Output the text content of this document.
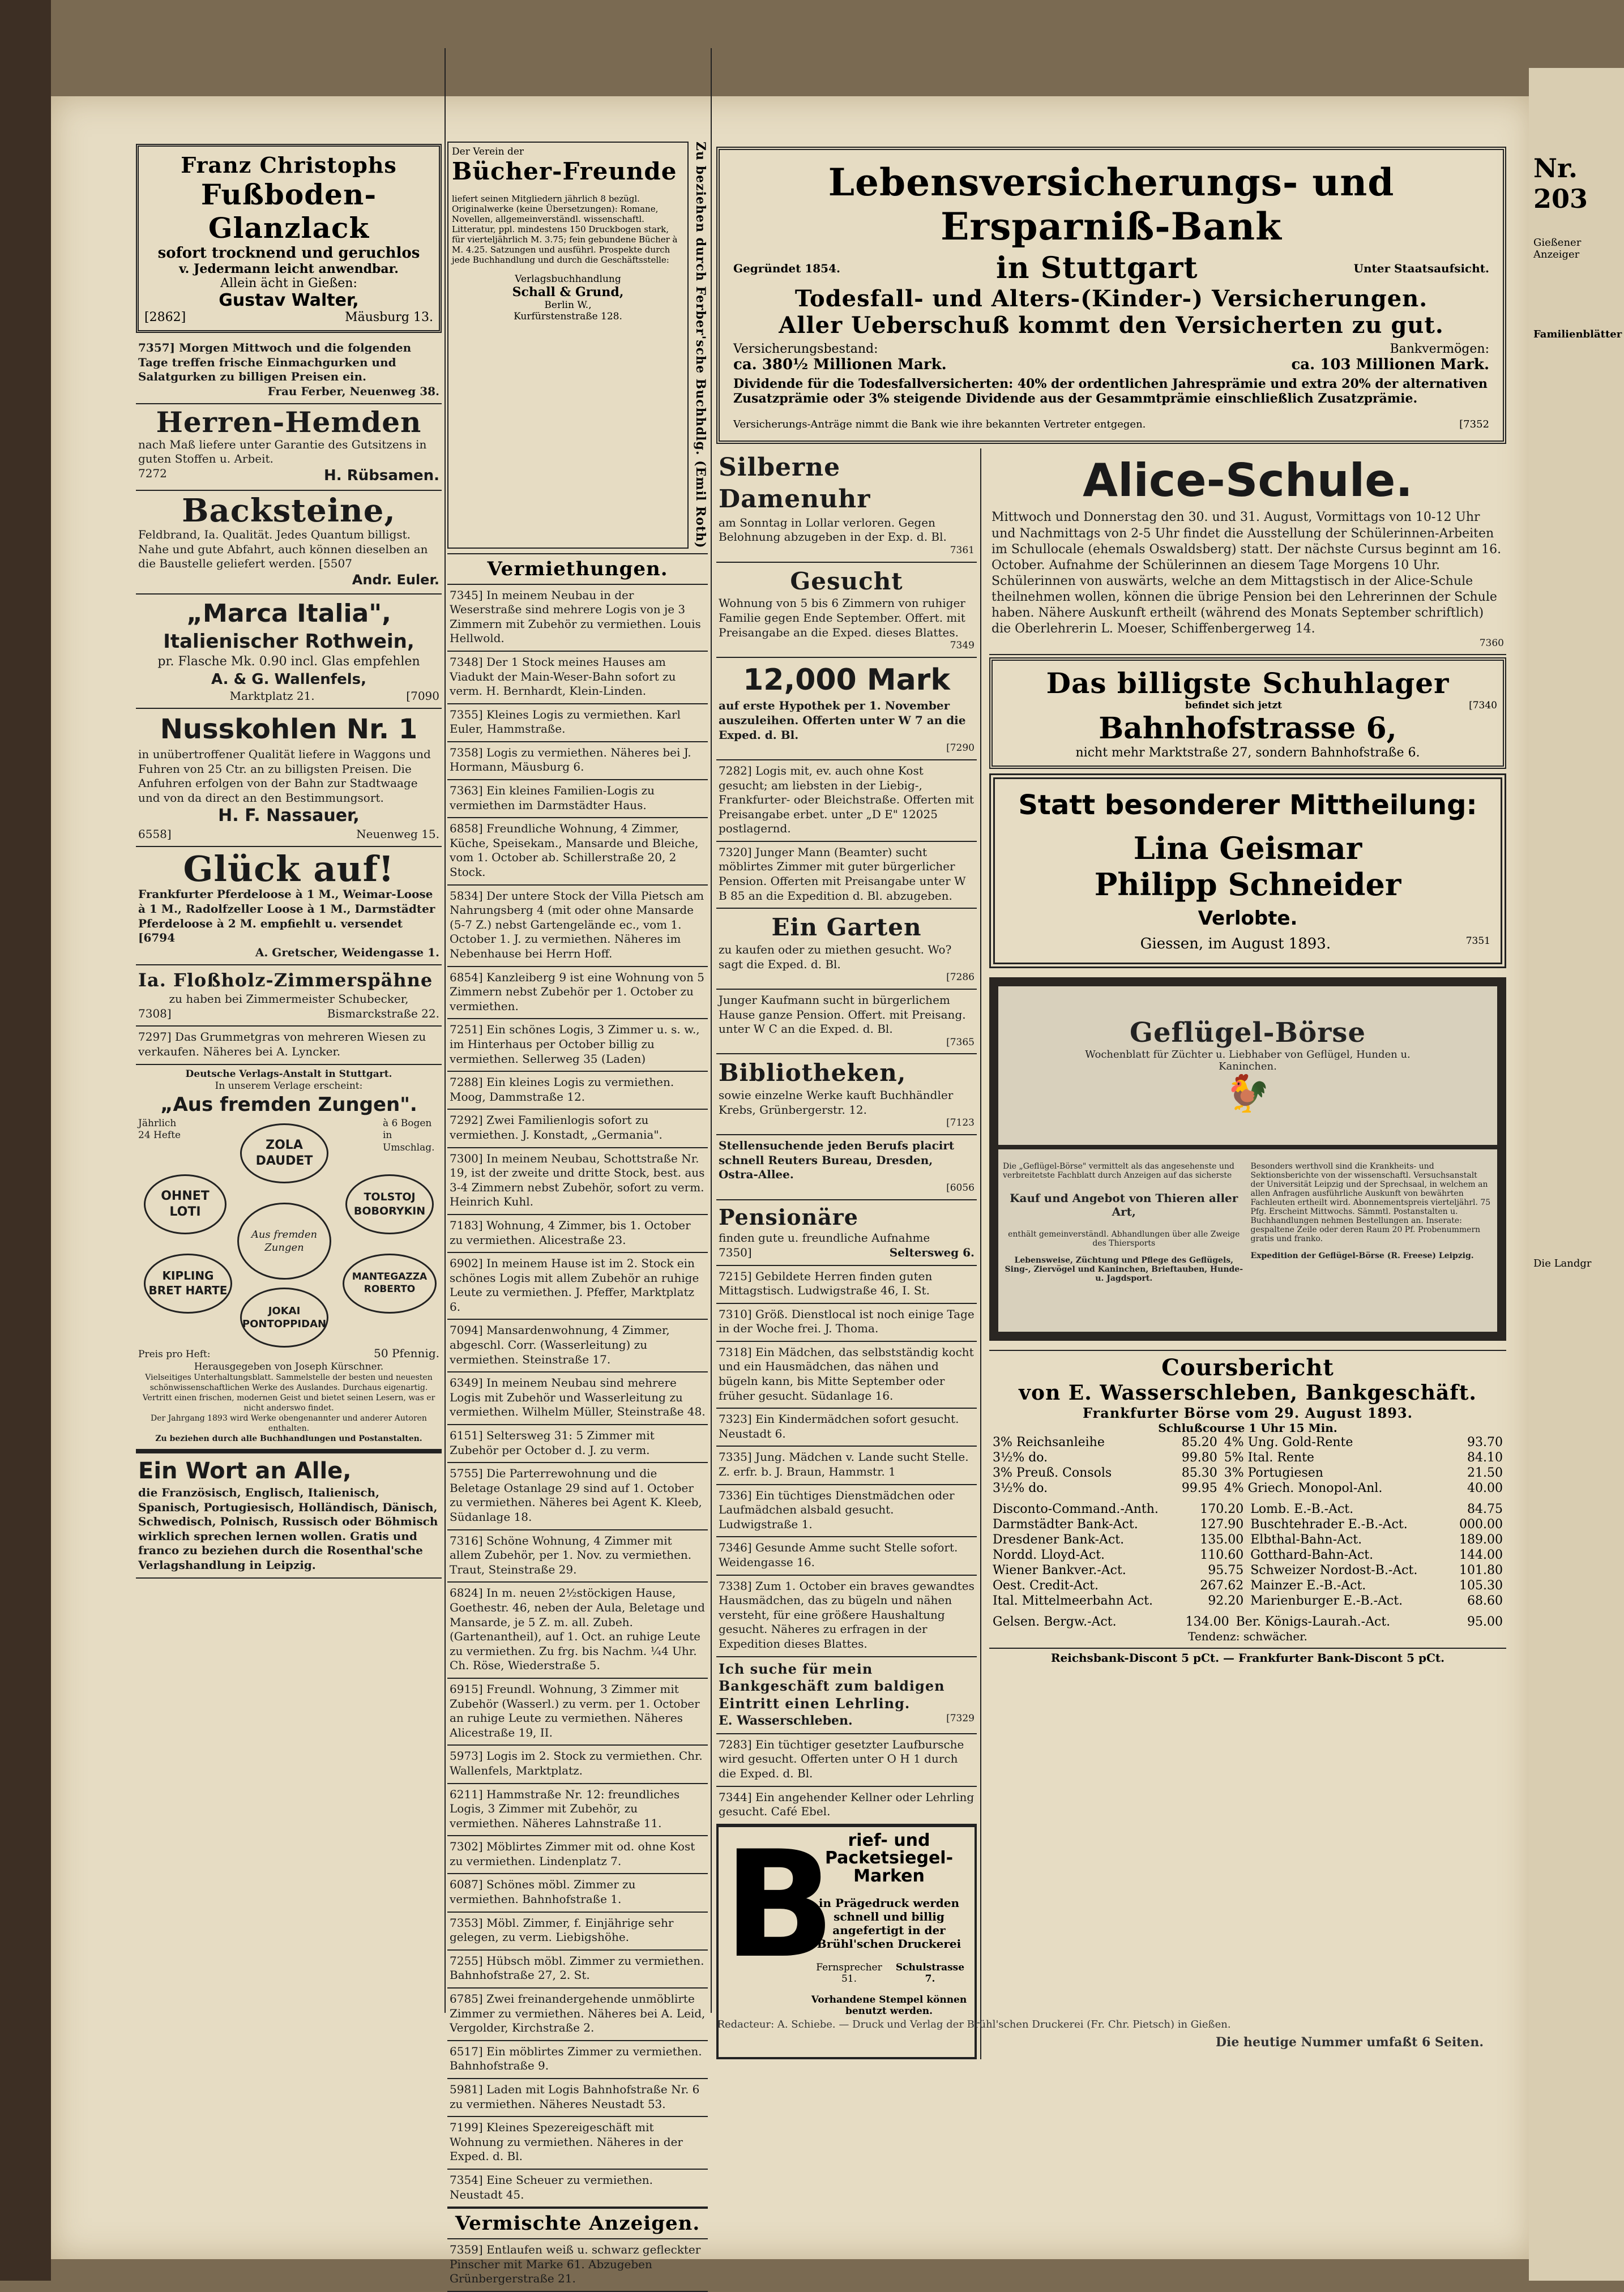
Nr. 203
Gießener Anzeiger
Familienblätter
Die Landgr
Franz Christophs
Fußboden-Glanzlack
sofort trocknend und geruchlos
v. Jedermann leicht anwendbar.
Allein ächt in Gießen:
Gustav Walter,
[2862]	Mäusburg 13.

7357] Morgen Mittwoch und die folgenden Tage treffen frische Einmachgurken und Salatgurken zu billigen Preisen ein.

Frau Ferber, Neuenweg 38.

Herren-Hemden

nach Maß liefere unter Garantie des Gutsitzens in guten Stoffen u. Arbeit.

7272	H. Rübsamen.
Backsteine,

Feldbrand, Ia. Qualität. Jedes Quantum billigst. Nahe und gute Abfahrt, auch können dieselben an die Baustelle geliefert werden. [5507

Andr. Euler.

„Marca Italia",
Italienischer Rothwein,

pr. Flasche Mk. 0.90 incl. Glas empfehlen

A. & G. Wallenfels,

Marktplatz 21.	[7090
Nusskohlen Nr. 1

in unübertroffener Qualität liefere in Waggons und Fuhren von 25 Ctr. an zu billigsten Preisen. Die Anfuhren erfolgen von der Bahn zur Stadtwaage und von da direct an den Bestimmungsort.

H. F. Nassauer,

6558]	Neuenweg 15.
Glück auf!

Frankfurter Pferdeloose à 1 M., Weimar-Loose à 1 M., Radolfzeller Loose à 1 M., Darmstädter Pferdeloose à 2 M. empfiehlt u. versendet [6794

A. Gretscher, Weidengasse 1.

Ia. Floßholz-Zimmerspähne

zu haben bei Zimmermeister Schubecker,

7308]	Bismarckstraße 22.

7297] Das Grummetgras von mehreren Wiesen zu verkaufen. Näheres bei A. Lyncker.

Deutsche Verlags-Anstalt in Stuttgart.
In unserem Verlage erscheint:
„Aus fremden Zungen".
Jährlich 24 Hefte
à 6 Bogen in Umschlag.
ZOLA DAUDET
OHNET LOTI
TOLSTOJ BOBORYKIN
Aus fremden Zungen
KIPLING BRET HARTE
MANTEGAZZA ROBERTO
JOKAI PONTOPPIDAN
Preis pro Heft:	50 Pfennig.
Herausgegeben von Joseph Kürschner.

Vielseitiges Unterhaltungsblatt. Sammelstelle der besten und neuesten schönwissenschaftlichen Werke des Auslandes. Durchaus eigenartig. Vertritt einen frischen, modernen Geist und bietet seinen Lesern, was er nicht anderswo findet.

Der Jahrgang 1893 wird Werke obengenannter und anderer Autoren enthalten.

Zu beziehen durch alle Buchhandlungen und Postanstalten.

Ein Wort an Alle,

die Französisch, Englisch, Italienisch, Spanisch, Portugiesisch, Holländisch, Dänisch, Schwedisch, Polnisch, Russisch oder Böhmisch wirklich sprechen lernen wollen. Gratis und franco zu beziehen durch die Rosenthal'sche Verlagshandlung in Leipzig.

Der Verein der
Bücher-Freunde

liefert seinen Mitgliedern jährlich 8 bezügl. Originalwerke (keine Übersetzungen): Romane, Novellen, allgemeinverständl. wissenschaftl. Litteratur, ppl. mindestens 150 Druckbogen stark, für vierteljährlich M. 3.75; fein gebundene Bücher à M. 4.25. Satzungen und ausführl. Prospekte durch jede Buchhandlung und durch die Geschäftsstelle:

Verlagsbuchhandlung
Schall & Grund,
Berlin W.,
Kurfürstenstraße 128.	Zu beziehen durch Ferber'sche Buchhdlg. (Emil Roth)
Vermiethungen.

7345] In meinem Neubau in der Weserstraße sind mehrere Logis von je 3 Zimmern mit Zubehör zu vermiethen. Louis Hellwold.

7348] Der 1 Stock meines Hauses am Viadukt der Main-Weser-Bahn sofort zu verm. H. Bernhardt, Klein-Linden.

7355] Kleines Logis zu vermiethen. Karl Euler, Hammstraße.

7358] Logis zu vermiethen. Näheres bei J. Hormann, Mäusburg 6.

7363] Ein kleines Familien-Logis zu vermiethen im Darmstädter Haus.

6858] Freundliche Wohnung, 4 Zimmer, Küche, Speisekam., Mansarde und Bleiche, vom 1. October ab. Schillerstraße 20, 2 Stock.

5834] Der untere Stock der Villa Pietsch am Nahrungsberg 4 (mit oder ohne Mansarde (5-7 Z.) nebst Gartengelände ec., vom 1. October 1. J. zu vermiethen. Näheres im Nebenhause bei Herrn Hoff.

6854] Kanzleiberg 9 ist eine Wohnung von 5 Zimmern nebst Zubehör per 1. October zu vermiethen.

7251] Ein schönes Logis, 3 Zimmer u. s. w., im Hinterhaus per October billig zu vermiethen. Sellerweg 35 (Laden)

7288] Ein kleines Logis zu vermiethen. Moog, Dammstraße 12.

7292] Zwei Familienlogis sofort zu vermiethen. J. Konstadt, „Germania".

7300] In meinem Neubau, Schottstraße Nr. 19, ist der zweite und dritte Stock, best. aus 3-4 Zimmern nebst Zubehör, sofort zu verm. Heinrich Kuhl.

7183] Wohnung, 4 Zimmer, bis 1. October zu vermiethen. Alicestraße 23.

6902] In meinem Hause ist im 2. Stock ein schönes Logis mit allem Zubehör an ruhige Leute zu vermiethen. J. Pfeffer, Marktplatz 6.

7094] Mansardenwohnung, 4 Zimmer, abgeschl. Corr. (Wasserleitung) zu vermiethen. Steinstraße 17.

6349] In meinem Neubau sind mehrere Logis mit Zubehör und Wasserleitung zu vermiethen. Wilhelm Müller, Steinstraße 48.

6151] Seltersweg 31: 5 Zimmer mit Zubehör per October d. J. zu verm.

5755] Die Parterrewohnung und die Beletage Ostanlage 29 sind auf 1. October zu vermiethen. Näheres bei Agent K. Kleeb, Südanlage 18.

7316] Schöne Wohnung, 4 Zimmer mit allem Zubehör, per 1. Nov. zu vermiethen. Traut, Steinstraße 29.

6824] In m. neuen 2½stöckigen Hause, Goethestr. 46, neben der Aula, Beletage und Mansarde, je 5 Z. m. all. Zubeh. (Gartenantheil), auf 1. Oct. an ruhige Leute zu vermiethen. Zu frg. bis Nachm. ¼4 Uhr. Ch. Röse, Wiederstraße 5.

6915] Freundl. Wohnung, 3 Zimmer mit Zubehör (Wasserl.) zu verm. per 1. October an ruhige Leute zu vermiethen. Näheres Alicestraße 19, II.

5973] Logis im 2. Stock zu vermiethen. Chr. Wallenfels, Marktplatz.

6211] Hammstraße Nr. 12: freundliches Logis, 3 Zimmer mit Zubehör, zu vermiethen. Näheres Lahnstraße 11.

7302] Möblirtes Zimmer mit od. ohne Kost zu vermiethen. Lindenplatz 7.

6087] Schönes möbl. Zimmer zu vermiethen. Bahnhofstraße 1.

7353] Möbl. Zimmer, f. Einjährige sehr gelegen, zu verm. Liebigshöhe.

7255] Hübsch möbl. Zimmer zu vermiethen. Bahnhofstraße 27, 2. St.

6785] Zwei freinandergehende unmöblirte Zimmer zu vermiethen. Näheres bei A. Leid, Vergolder, Kirchstraße 2.

6517] Ein möblirtes Zimmer zu vermiethen. Bahnhofstraße 9.

5981] Laden mit Logis Bahnhofstraße Nr. 6 zu vermiethen. Näheres Neustadt 53.

7199] Kleines Spezereigeschäft mit Wohnung zu vermiethen. Näheres in der Exped. d. Bl.

7354] Eine Scheuer zu vermiethen. Neustadt 45.

Vermischte Anzeigen.

7359] Entlaufen weiß u. schwarz gefleckter Pinscher mit Marke 61. Abzugeben Grünbergerstraße 21.

Lebensversicherungs- und Ersparniß-Bank
Gegründet 1854.	in Stuttgart	Unter Staatsaufsicht.
Todesfall- und Alters-(Kinder-) Versicherungen.
Aller Ueberschuß kommt den Versicherten zu gut.
Versicherungsbestand:	Bankvermögen:
ca. 380½ Millionen Mark.	ca. 103 Millionen Mark.

Dividende für die Todesfallversicherten: 40% der ordentlichen Jahresprämie und extra 20% der alternativen Zusatzprämie oder 3% steigende Dividende aus der Gesammtprämie einschließlich Zusatzprämie.

Versicherungs-Anträge nimmt die Bank wie ihre bekannten Vertreter entgegen.	[7352
Silberne Damenuhr

am Sonntag in Lollar verloren. Gegen Belohnung abzugeben in der Exp. d. Bl.

7361

Gesucht

Wohnung von 5 bis 6 Zimmern von ruhiger Familie gegen Ende September. Offert. mit Preisangabe an die Exped. dieses Blattes.

7349

12,000 Mark

auf erste Hypothek per 1. November auszuleihen. Offerten unter W 7 an die Exped. d. Bl.

[7290

7282] Logis mit, ev. auch ohne Kost gesucht; am liebsten in der Liebig-, Frankfurter- oder Bleichstraße. Offerten mit Preisangabe erbet. unter „D E" 12025 postlagernd.

7320] Junger Mann (Beamter) sucht möblirtes Zimmer mit guter bürgerlicher Pension. Offerten mit Preisangabe unter W B 85 an die Expedition d. Bl. abzugeben.

Ein Garten

zu kaufen oder zu miethen gesucht. Wo? sagt die Exped. d. Bl.

[7286

Junger Kaufmann sucht in bürgerlichem Hause ganze Pension. Offert. mit Preisang. unter W C an die Exped. d. Bl.

[7365

Bibliotheken,

sowie einzelne Werke kauft Buchhändler Krebs, Grünbergerstr. 12.

[7123

Stellensuchende jeden Berufs placirt schnell Reuters Bureau, Dresden, Ostra-Allee.

[6056

Pensionäre

finden gute u. freundliche Aufnahme

7350]	Seltersweg 6.

7215] Gebildete Herren finden guten Mittagstisch. Ludwigstraße 46, I. St.

7310] Größ. Dienstlocal ist noch einige Tage in der Woche frei. J. Thoma.

7318] Ein Mädchen, das selbstständig kocht und ein Hausmädchen, das nähen und bügeln kann, bis Mitte September oder früher gesucht. Südanlage 16.

7323] Ein Kindermädchen sofort gesucht. Neustadt 6.

7335] Jung. Mädchen v. Lande sucht Stelle. Z. erfr. b. J. Braun, Hammstr. 1

7336] Ein tüchtiges Dienstmädchen oder Laufmädchen alsbald gesucht. Ludwigstraße 1.

7346] Gesunde Amme sucht Stelle sofort. Weidengasse 16.

7338] Zum 1. October ein braves gewandtes Hausmädchen, das zu bügeln und nähen versteht, für eine größere Haushaltung gesucht. Näheres zu erfragen in der Expedition dieses Blattes.

Ich suche für mein Bankgeschäft zum baldigen Eintritt einen Lehrling.

E. Wasserschleben.	[7329

7283] Ein tüchtiger gesetzter Laufbursche wird gesucht. Offerten unter O H 1 durch die Exped. d. Bl.

7344] Ein angehender Kellner oder Lehrling gesucht. Café Ebel.

B rief- und Packetsiegel-Marken

in Prägedruck werden schnell und billig angefertigt in der Brühl'schen Druckerei

Fernsprecher 51.
Schulstrasse 7.

Vorhandene Stempel können benutzt werden.

Alice-Schule.

Mittwoch und Donnerstag den 30. und 31. August, Vormittags von 10-12 Uhr und Nachmittags von 2-5 Uhr findet die Ausstellung der Schülerinnen-Arbeiten im Schullocale (ehemals Oswaldsberg) statt. Der nächste Cursus beginnt am 16. October. Aufnahme der Schülerinnen an diesem Tage Morgens 10 Uhr. Schülerinnen von auswärts, welche an dem Mittagstisch in der Alice-Schule theilnehmen wollen, können die übrige Pension bei den Lehrerinnen der Schule haben. Nähere Auskunft ertheilt (während des Monats September schriftlich) die Oberlehrerin L. Moeser, Schiffenbergerweg 14.

7360

Das billigste Schuhlager
befindet sich jetzt	[7340
Bahnhofstrasse 6,
nicht mehr Marktstraße 27, sondern Bahnhofstraße 6.
Statt besonderer Mittheilung:
Lina Geismar
Philipp Schneider
Verlobte.
Giessen, im August 1893.	7351
Geflügel-Börse
Wochenblatt für Züchter u. Liebhaber von Geflügel, Hunden u. Kaninchen.
🐓

Die „Geflügel-Börse" vermittelt als das angesehenste und verbreitetste Fachblatt durch Anzeigen auf das sicherste

Kauf und Angebot von Thieren aller Art,

enthält gemeinverständl. Abhandlungen über alle Zweige des Thiersports

Lebensweise, Züchtung und Pflege des Geflügels, Sing-, Ziervögel und Kaninchen, Brieftauben, Hunde- u. Jagdsport.

Besonders werthvoll sind die Krankheits- und Sektionsberichte von der wissenschaftl. Versuchsanstalt der Universität Leipzig und der Sprechsaal, in welchem an allen Anfragen ausführliche Auskunft von bewährten Fachleuten ertheilt wird. Abonnementspreis vierteljährl. 75 Pfg. Erscheint Mittwochs. Sämmtl. Postanstalten u. Buchhandlungen nehmen Bestellungen an. Inserate: gespaltene Zeile oder deren Raum 20 Pf. Probenummern gratis und franko.

Expedition der Geflügel-Börse (R. Freese) Leipzig.

Coursbericht
von E. Wasserschleben, Bankgeschäft.
Frankfurter Börse vom 29. August 1893.
Schlußcourse 1 Uhr 15 Min.
3% Reichsanleihe	85.20	4% Ung. Gold-Rente	93.70
3½% do.	99.80	5% Ital. Rente	84.10
3% Preuß. Consols	85.30	3% Portugiesen	21.50
3½% do.	99.95	4% Griech. Monopol-Anl.	40.00
Disconto-Command.-Anth.	170.20	Lomb. E.-B.-Act.	84.75
Darmstädter Bank-Act.	127.90	Buschtehrader E.-B.-Act.	000.00
Dresdener Bank-Act.	135.00	Elbthal-Bahn-Act.	189.00
Nordd. Lloyd-Act.	110.60	Gotthard-Bahn-Act.	144.00
Wiener Bankver.-Act.	95.75	Schweizer Nordost-B.-Act.	101.80
Oest. Credit-Act.	267.62	Mainzer E.-B.-Act.	105.30
Ital. Mittelmeerbahn Act.	92.20	Marienburger E.-B.-Act.	68.60
Gelsen. Bergw.-Act.	134.00	Ber. Königs-Laurah.-Act.	95.00
Tendenz: schwächer.
Reichsbank-Discont 5 pCt. — Frankfurter Bank-Discont 5 pCt.
Redacteur: A. Schiebe. — Druck und Verlag der Brühl'schen Druckerei (Fr. Chr. Pietsch) in Gießen.
Die heutige Nummer umfaßt 6 Seiten.
